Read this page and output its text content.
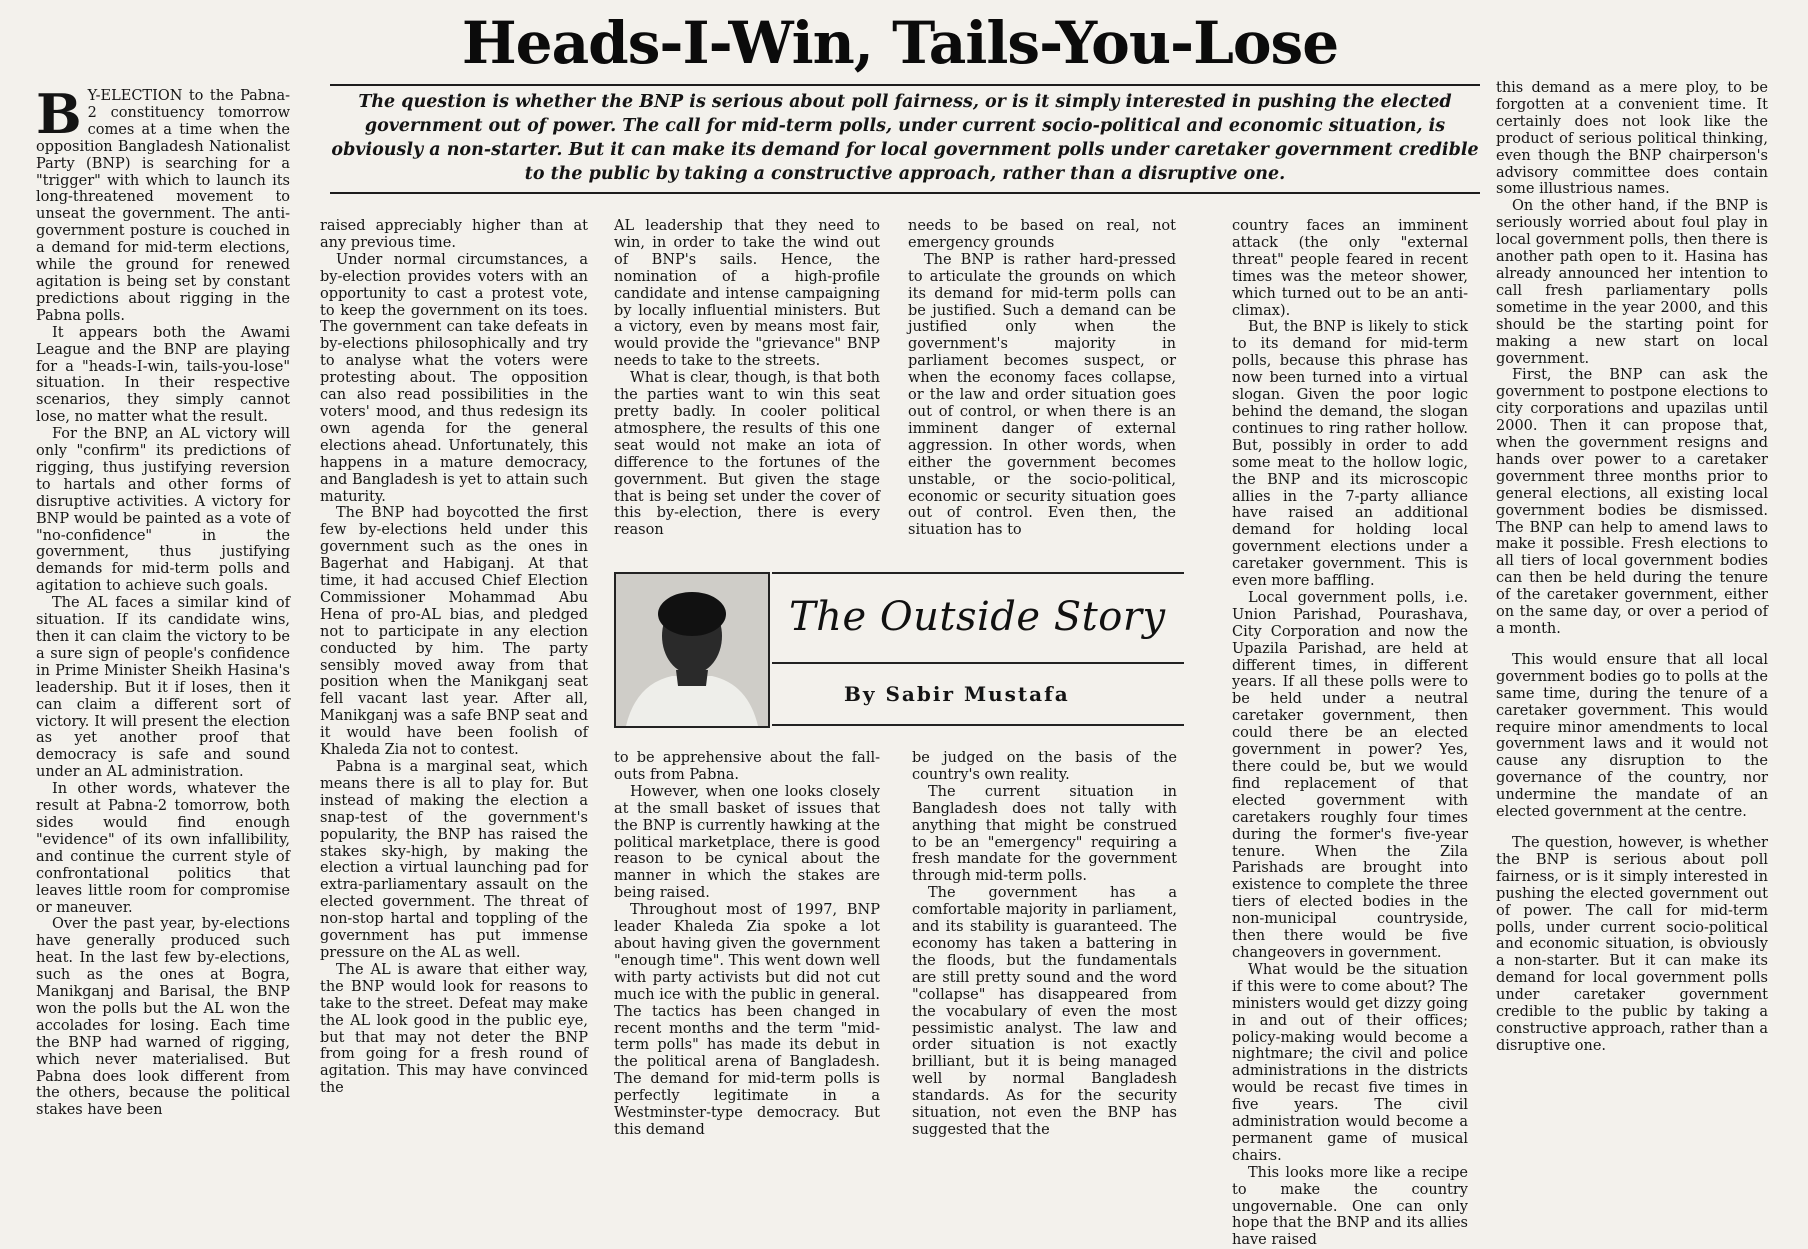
Heads-I-Win, Tails-You-Lose
The question is whether the BNP is serious about poll fairness, or is it simply interested in pushing the elected government out of power. The call for mid-term polls, under current socio-political and economic situation, is obviously a non-starter. But it can make its demand for local government polls under caretaker government credible to the public by taking a constructive approach, rather than a disruptive one.

B Y-ELECTION to the Pabna-2 constituency tomorrow comes at a time when the opposition Bangladesh Nationalist Party (BNP) is searching for a "trigger" with which to launch its long-threatened movement to unseat the government. The anti-government posture is couched in a demand for mid-term elections, while the ground for renewed agitation is being set by constant predictions about rigging in the Pabna polls.

It appears both the Awami League and the BNP are playing for a "heads-I-win, tails-you-lose" situation. In their respective scenarios, they simply cannot lose, no matter what the result.

For the BNP, an AL victory will only "confirm" its predictions of rigging, thus justifying reversion to hartals and other forms of disruptive activities. A victory for BNP would be painted as a vote of "no-confidence" in the government, thus justifying demands for mid-term polls and agitation to achieve such goals.

The AL faces a similar kind of situation. If its candidate wins, then it can claim the victory to be a sure sign of people's confidence in Prime Minister Sheikh Hasina's leadership. But it if loses, then it can claim a different sort of victory. It will present the election as yet another proof that democracy is safe and sound under an AL administration.

In other words, whatever the result at Pabna-2 tomorrow, both sides would find enough "evidence" of its own infallibility, and continue the current style of confrontational politics that leaves little room for compromise or maneuver.

Over the past year, by-elections have generally produced such heat. In the last few by-elections, such as the ones at Bogra, Manikganj and Barisal, the BNP won the polls but the AL won the accolades for losing. Each time the BNP had warned of rigging, which never materialised. But Pabna does look different from the others, because the political stakes have been

raised appreciably higher than at any previous time.

Under normal circumstances, a by-election provides voters with an opportunity to cast a protest vote, to keep the government on its toes. The government can take defeats in by-elections philosophically and try to analyse what the voters were protesting about. The opposition can also read possibilities in the voters' mood, and thus redesign its own agenda for the general elections ahead. Unfortunately, this happens in a mature democracy, and Bangladesh is yet to attain such maturity.

The BNP had boycotted the first few by-elections held under this government such as the ones in Bagerhat and Habiganj. At that time, it had accused Chief Election Commissioner Mohammad Abu Hena of pro-AL bias, and pledged not to participate in any election conducted by him. The party sensibly moved away from that position when the Manikganj seat fell vacant last year. After all, Manikganj was a safe BNP seat and it would have been foolish of Khaleda Zia not to contest.

Pabna is a marginal seat, which means there is all to play for. But instead of making the election a snap-test of the government's popularity, the BNP has raised the stakes sky-high, by making the election a virtual launching pad for extra-parliamentary assault on the elected government. The threat of non-stop hartal and toppling of the government has put immense pressure on the AL as well.

The AL is aware that either way, the BNP would look for reasons to take to the street. Defeat may make the AL look good in the public eye, but that may not deter the BNP from going for a fresh round of agitation. This may have convinced the

AL leadership that they need to win, in order to take the wind out of BNP's sails. Hence, the nomination of a high-profile candidate and intense campaigning by locally influential ministers. But a victory, even by means most fair, would provide the "grievance" BNP needs to take to the streets.

What is clear, though, is that both the parties want to win this seat pretty badly. In cooler political atmosphere, the results of this one seat would not make an iota of difference to the fortunes of the government. But given the stage that is being set under the cover of this by-election, there is every reason

to be apprehensive about the fall-outs from Pabna.

However, when one looks closely at the small basket of issues that the BNP is currently hawking at the political marketplace, there is good reason to be cynical about the manner in which the stakes are being raised.

Throughout most of 1997, BNP leader Khaleda Zia spoke a lot about having given the government "enough time". This went down well with party activists but did not cut much ice with the public in general. The tactics has been changed in recent months and the term "mid-term polls" has made its debut in the political arena of Bangladesh. The demand for mid-term polls is perfectly legitimate in a Westminster-type democracy. But this demand

needs to be based on real, not emergency grounds

The BNP is rather hard-pressed to articulate the grounds on which its demand for mid-term polls can be justified. Such a demand can be justified only when the government's majority in parliament becomes suspect, or when the economy faces collapse, or the law and order situation goes out of control, or when there is an imminent danger of external aggression. In other words, when either the government becomes unstable, or the socio-political, economic or security situation goes out of control. Even then, the situation has to

be judged on the basis of the country's own reality.

The current situation in Bangladesh does not tally with anything that might be construed to be an "emergency" requiring a fresh mandate for the government through mid-term polls.

The government has a comfortable majority in parliament, and its stability is guaranteed. The economy has taken a battering in the floods, but the fundamentals are still pretty sound and the word "collapse" has disappeared from the vocabulary of even the most pessimistic analyst. The law and order situation is not exactly brilliant, but it is being managed well by normal Bangladesh standards. As for the security situation, not even the BNP has suggested that the

country faces an imminent attack (the only "external threat" people feared in recent times was the meteor shower, which turned out to be an anti-climax).

But, the BNP is likely to stick to its demand for mid-term polls, because this phrase has now been turned into a virtual slogan. Given the poor logic behind the demand, the slogan continues to ring rather hollow. But, possibly in order to add some meat to the hollow logic, the BNP and its microscopic allies in the 7-party alliance have raised an additional demand for holding local government elections under a caretaker government. This is even more baffling.

Local government polls, i.e. Union Parishad, Pourashava, City Corporation and now the Upazila Parishad, are held at different times, in different years. If all these polls were to be held under a neutral caretaker government, then could there be an elected government in power? Yes, there could be, but we would find replacement of that elected government with caretakers roughly four times during the former's five-year tenure. When the Zila Parishads are brought into existence to complete the three tiers of elected bodies in the non-municipal countryside, then there would be five changeovers in government.

What would be the situation if this were to come about? The ministers would get dizzy going in and out of their offices; policy-making would become a nightmare; the civil and police administrations in the districts would be recast five times in five years. The civil administration would become a permanent game of musical chairs.

This looks more like a recipe to make the country ungovernable. One can only hope that the BNP and its allies have raised

this demand as a mere ploy, to be forgotten at a convenient time. It certainly does not look like the product of serious political thinking, even though the BNP chairperson's advisory committee does contain some illustrious names.

On the other hand, if the BNP is seriously worried about foul play in local government polls, then there is another path open to it. Hasina has already announced her intention to call fresh parliamentary polls sometime in the year 2000, and this should be the starting point for making a new start on local government.

First, the BNP can ask the government to postpone elections to city corporations and upazilas until 2000. Then it can propose that, when the government resigns and hands over power to a caretaker government three months prior to general elections, all existing local government bodies be dismissed. The BNP can help to amend laws to make it possible. Fresh elections to all tiers of local government bodies can then be held during the tenure of the caretaker government, either on the same day, or over a period of a month.

This would ensure that all local government bodies go to polls at the same time, during the tenure of a caretaker government. This would require minor amendments to local government laws and it would not cause any disruption to the governance of the country, nor undermine the mandate of an elected government at the centre.

The question, however, is whether the BNP is serious about poll fairness, or is it simply interested in pushing the elected government out of power. The call for mid-term polls, under current socio-political and economic situation, is obviously a non-starter. But it can make its demand for local government polls under caretaker government credible to the public by taking a constructive approach, rather than a disruptive one.

The Outside Story
By Sabir Mustafa
